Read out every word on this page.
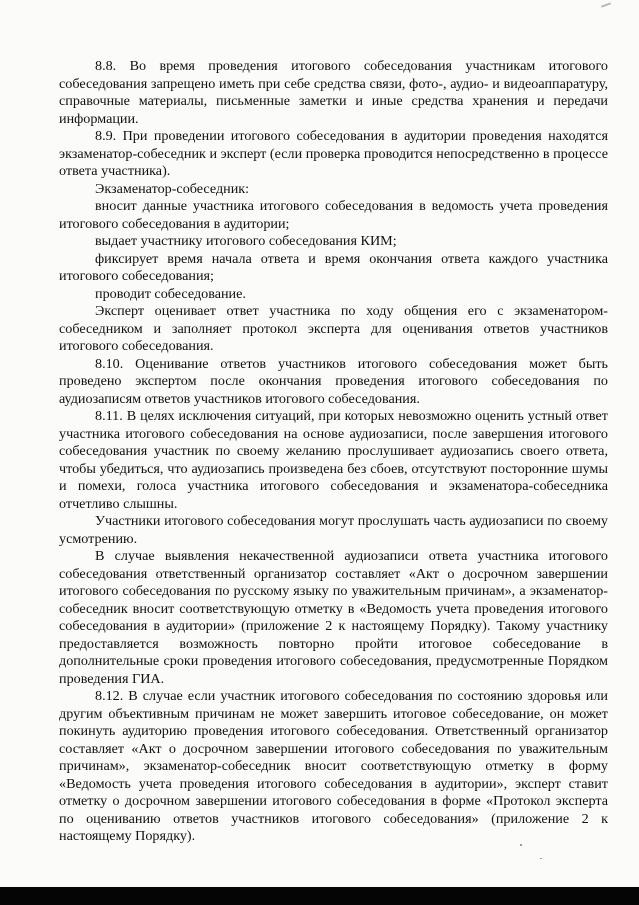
8.8. Во время проведения итогового собеседования участникам итогового собеседования запрещено иметь при себе средства связи, фото-, аудио- и видеоаппаратуру, справочные материалы, письменные заметки и иные средства хранения и передачи информации.

8.9. При проведении итогового собеседования в аудитории проведения находятся экзаменатор-собеседник и эксперт (если проверка проводится непосредственно в процессе ответа участника).

Экзаменатор-собеседник:

вносит данные участника итогового собеседования в ведомость учета проведения итогового собеседования в аудитории;

выдает участнику итогового собеседования КИМ;

фиксирует время начала ответа и время окончания ответа каждого участника итогового собеседования;

проводит собеседование.

Эксперт оценивает ответ участника по ходу общения его с экзаменатором-собеседником и заполняет протокол эксперта для оценивания ответов участников итогового собеседования.

8.10. Оценивание ответов участников итогового собеседования может быть проведено экспертом после окончания проведения итогового собеседования по аудиозаписям ответов участников итогового собеседования.

8.11. В целях исключения ситуаций, при которых невозможно оценить устный ответ участника итогового собеседования на основе аудиозаписи, после завершения итогового собеседования участник по своему желанию прослушивает аудиозапись своего ответа, чтобы убедиться, что аудиозапись произведена без сбоев, отсутствуют посторонние шумы и помехи, голоса участника итогового собеседования и экзаменатора-собеседника отчетливо слышны.

Участники итогового собеседования могут прослушать часть аудиозаписи по своему усмотрению.

В случае выявления некачественной аудиозаписи ответа участника итогового собеседования ответственный организатор составляет «Акт о досрочном завершении итогового собеседования по русскому языку по уважительным причинам», а экзаменатор-собеседник вносит соответствующую отметку в «Ведомость учета проведения итогового собеседования в аудитории» (приложение 2 к настоящему Порядку). Такому участнику предоставляется возможность повторно пройти итоговое собеседование в дополнительные сроки проведения итогового собеседования, предусмотренные Порядком проведения ГИА.

8.12. В случае если участник итогового собеседования по состоянию здоровья или другим объективным причинам не может завершить итоговое собеседование, он может покинуть аудиторию проведения итогового собеседования. Ответственный организатор составляет «Акт о досрочном завершении итогового собеседования по уважительным причинам», экзаменатор-собеседник вносит соответствующую отметку в форму «Ведомость учета проведения итогового собеседования в аудитории», эксперт ставит отметку о досрочном завершении итогового собеседования в форме «Протокол эксперта по оцениванию ответов участников итогового собеседования» (приложение 2 к настоящему Порядку).
